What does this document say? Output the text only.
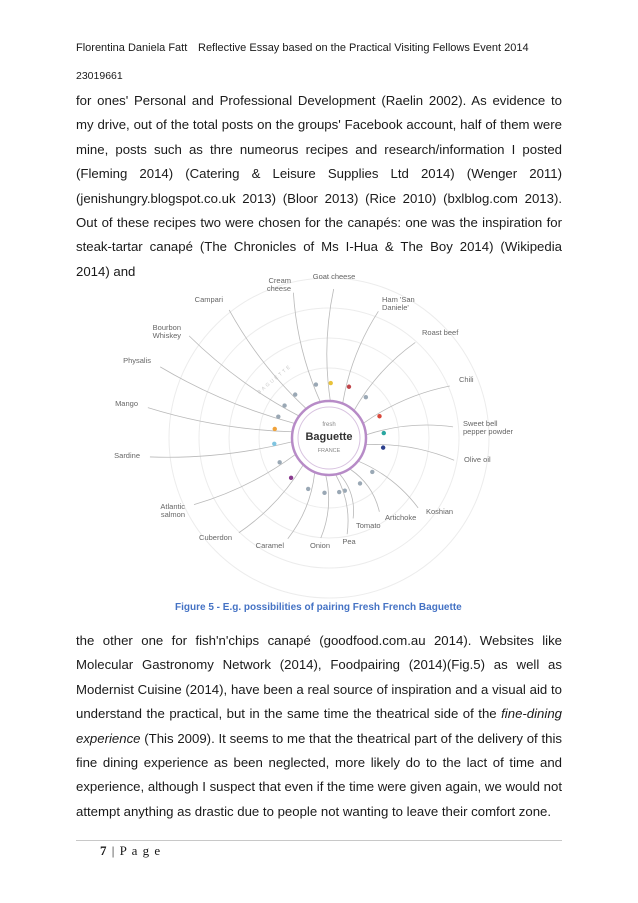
Florentina Daniela Fatt Reflective Essay based on the Practical Visiting Fellows Event 2014
23019661

for ones' Personal and Professional Development (Raelin 2002). As evidence to my drive, out of the total posts on the groups' Facebook account, half of them were mine, posts such as thre numeorus recipes and research/information I posted (Fleming 2014) (Catering & Leisure Supplies Ltd 2014) (Wenger 2011) (jenishungry.blogspot.co.uk 2013) (Bloor 2013) (Rice 2010) (bxlblog.com 2013). Out of these recipes two were chosen for the canapés: one was the inspiration for steak-tartar canapé (The Chronicles of Ms I-Hua & The Boy 2014) (Wikipedia 2014) and

BAGUETTE
Cream cheese
Goat cheese
Ham 'San Daniele'
Roast beef
Chili
Sweet bell pepper powder
Olive oil
Koshian
Artichoke
Tomato
Pea
Onion
Caramel
Cuberdon
Atlantic salmon
Sardine
Mango
Physalis
Bourbon Whiskey
Campari
fresh
Baguette
FRANCE
Figure 5 - E.g. possibilities of pairing Fresh French Baguette

the other one for fish'n'chips canapé (goodfood.com.au 2014). Websites like Molecular Gastronomy Network (2014), Foodpairing (2014)(Fig.5) as well as Modernist Cuisine (2014), have been a real source of inspiration and a visual aid to understand the practical, but in the same time the theatrical side of the fine-dining experience (This 2009). It seems to me that the theatrical part of the delivery of this fine dining experience as been neglected, more likely do to the lact of time and experience, although I suspect that even if the time were given again, we would not attempt anything as drastic due to people not wanting to leave their comfort zone.

7 | P a g e
